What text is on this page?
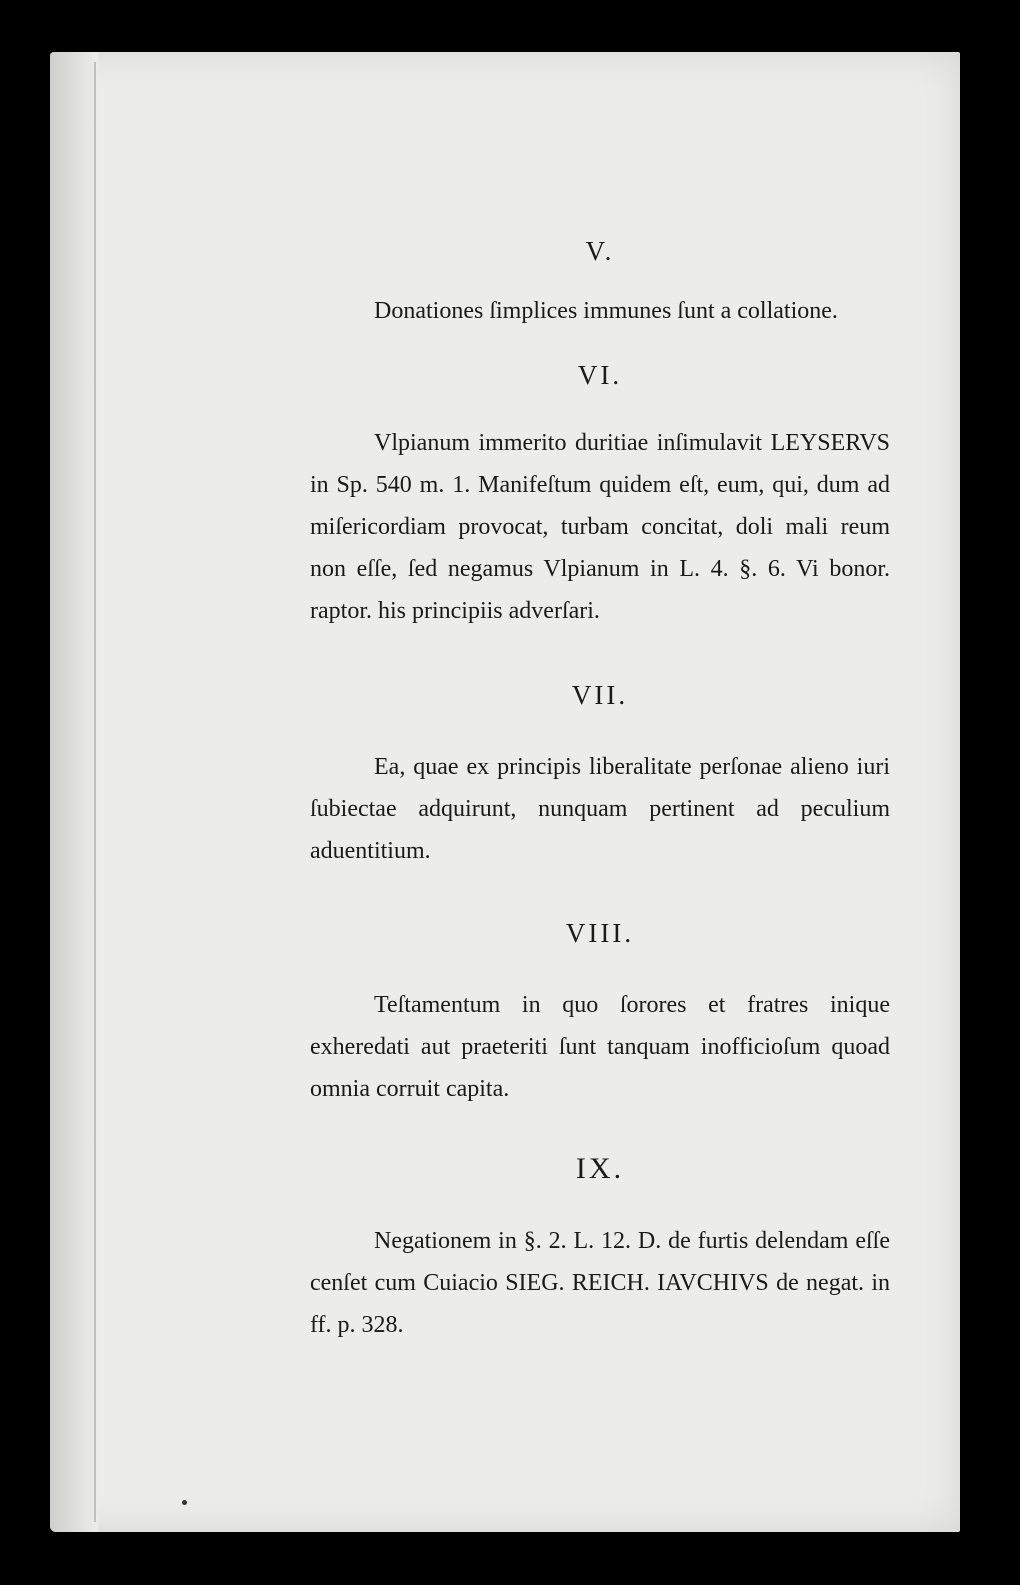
V.

Donationes ſimplices immunes ſunt a collatione.

VI.

Vlpianum immerito duritiae inſimulavit LEYSERVS in Sp. 540 m. 1. Manifeſtum quidem eſt, eum, qui, dum ad miſericordiam provocat, turbam concitat, doli mali reum non eſſe, ſed negamus Vlpianum in L. 4. §. 6. Vi bonor. raptor. his principiis adverſari.

VII.

Ea, quae ex principis liberalitate perſonae alieno iuri ſubiectae adquirunt, nunquam pertinent ad peculium aduentitium.

VIII.

Teſtamentum in quo ſorores et fratres inique exheredati aut praeteriti ſunt tanquam inofficioſum quoad omnia corruit capita.

IX.

Negationem in §. 2. L. 12. D. de furtis delendam eſſe cenſet cum Cuiacio SIEG. REICH. IAVCHIVS de negat. in ff. p. 328.
